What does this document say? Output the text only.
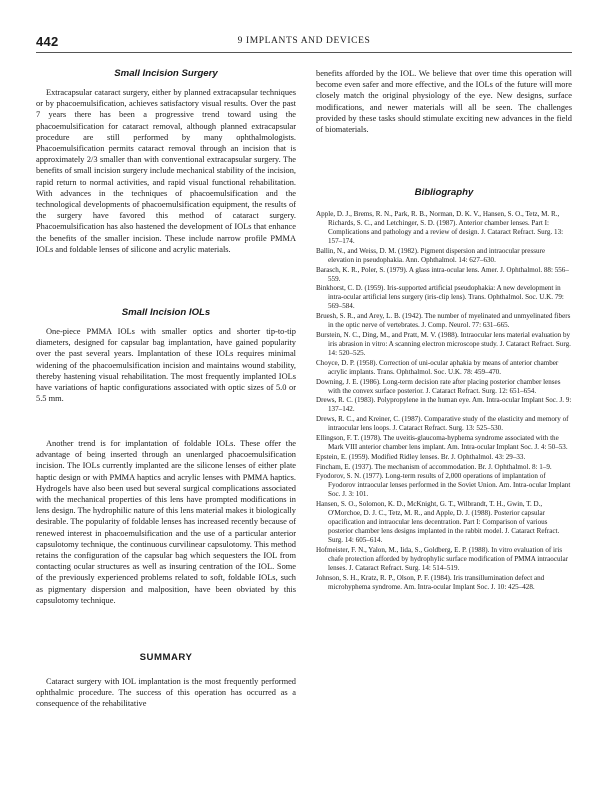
442	9 IMPLANTS AND DEVICES
Small Incision Surgery

Extracapsular cataract surgery, either by planned extracapsular techniques or by phacoemulsification, achieves satisfactory visual results. Over the past 7 years there has been a progressive trend toward using the phacoemulsification for cataract removal, although planned extracapsular procedure are still performed by many ophthalmologists. Phacoemulsification permits cataract removal through an incision that is approximately 2/3 smaller than with conventional extracapsular surgery. The benefits of small incision surgery include mechanical stability of the incision, rapid return to normal activities, and rapid visual functional rehabilitation. With advances in the techniques of phacoemulsification and the technological developments of phacoemulsification equipment, the results of the surgery have favored this method of cataract surgery. Phacoemulsification has also hastened the development of IOLs that enhance the benefits of the smaller incision. These include narrow profile PMMA IOLs and foldable lenses of silicone and acrylic materials.

Small Incision IOLs

One-piece PMMA IOLs with smaller optics and shorter tip-to-tip diameters, designed for capsular bag implantation, have gained popularity over the past several years. Implantation of these IOLs requires minimal widening of the phacoemulsification incision and maintains wound stability, thereby hastening visual rehabilitation. The most frequently implanted IOLs have variations of haptic configurations associated with optic sizes of 5.0 or 5.5 mm.

Another trend is for implantation of foldable IOLs. These offer the advantage of being inserted through an unenlarged phacoemulsification incision. The IOLs currently implanted are the silicone lenses of either plate haptic design or with PMMA haptics and acrylic lenses with PMMA haptics. Hydrogels have also been used but several surgical complications associated with the mechanical properties of this lens have prompted modifications in lens design. The hydrophilic nature of this lens material makes it biologically desirable. The popularity of foldable lenses has increased recently because of renewed interest in phacoemulsification and the use of a particular anterior capsulotomy technique, the continuous curvilinear capsulotomy. This method retains the configuration of the capsular bag which sequesters the IOL from contacting ocular structures as well as insuring centration of the IOL. Some of the previously experienced problems related to soft, foldable IOLs, such as pigmentary dispersion and malposition, have been obviated by this capsulotomy technique.

SUMMARY

Cataract surgery with IOL implantation is the most frequently performed ophthalmic procedure. The success of this operation has occurred as a consequence of the rehabilitative

benefits afforded by the IOL. We believe that over time this operation will become even safer and more effective, and the IOLs of the future will more closely match the original physiology of the eye. New designs, surface modifications, and newer materials will all be seen. The challenges provided by these tasks should stimulate exciting new advances in the field of biomaterials.

Bibliography
Apple, D. J., Brems, R. N., Park, R. B., Norman, D. K. V., Hansen, S. O., Tetz, M. R., Richards, S. C., and Letchinger, S. D. (1987). Anterior chamber lenses. Part I: Complications and pathology and a review of design. J. Cataract Refract. Surg. 13: 157–174.
Ballin, N., and Weiss, D. M. (1982). Pigment dispersion and intraocular pressure elevation in pseudophakia. Ann. Ophthalmol. 14: 627–630.
Barasch, K. R., Poler, S. (1979). A glass intra-ocular lens. Amer. J. Ophthalmol. 88: 556–559.
Binkhorst, C. D. (1959). Iris-supported artificial pseudophakia: A new development in intra-ocular artificial lens surgery (iris-clip lens). Trans. Ophthalmol. Soc. U.K. 79: 569–584.
Bruesh, S. R., and Arey, L. B. (1942). The number of myelinated and unmyelinated fibers in the optic nerve of vertebrates. J. Comp. Neurol. 77: 631–665.
Burstein, N. C., Ding, M., and Pratt, M. V. (1988). Intraocular lens material evaluation by iris abrasion in vitro: A scanning electron microscope study. J. Cataract Refract. Surg. 14: 520–525.
Choyce, D. P. (1958). Correction of uni-ocular aphakia by means of anterior chamber acrylic implants. Trans. Ophthalmol. Soc. U.K. 78: 459–470.
Downing, J. E. (1986). Long-term decision rate after placing posterior chamber lenses with the convex surface posterior. J. Cataract Refract. Surg. 12: 651–654.
Drews, R. C. (1983). Polypropylene in the human eye. Am. Intra-ocular Implant Soc. J. 9: 137–142.
Drews, R. C., and Kreiner, C. (1987). Comparative study of the elasticity and memory of intraocular lens loops. J. Cataract Refract. Surg. 13: 525–530.
Ellingson, F. T. (1978). The uveitis-glaucoma-hyphema syndrome associated with the Mark VIII anterior chamber lens implant. Am. Intra-ocular Implant Soc. J. 4: 50–53.
Epstein, E. (1959). Modified Ridley lenses. Br. J. Ophthalmol. 43: 29–33.
Fincham, E. (1937). The mechanism of accommodation. Br. J. Ophthalmol. 8: 1–9.
Fyodorov, S. N. (1977). Long-term results of 2,000 operations of implantation of Fyodorov intraocular lenses performed in the Soviet Union. Am. Intra-ocular Implant Soc. J. 3: 101.
Hansen, S. O., Solomon, K. D., McKnight, G. T., Wilbrandt, T. H., Gwin, T. D., O'Morchoe, D. J. C., Tetz, M. R., and Apple, D. J. (1988). Posterior capsular opacification and intraocular lens decentration. Part I: Comparison of various posterior chamber lens designs implanted in the rabbit model. J. Cataract Refract. Surg. 14: 605–614.
Hofmeister, F. N., Yalon, M., Iida, S., Goldberg, E. P. (1988). In vitro evaluation of iris chafe protection afforded by hydrophylic surface modification of PMMA intraocular lenses. J. Cataract Refract. Surg. 14: 514–519.
Johnson, S. H., Kratz, R. P., Olson, P. F. (1984). Iris transillumination defect and microhyphema syndrome. Am. Intra-ocular Implant Soc. J. 10: 425–428.
